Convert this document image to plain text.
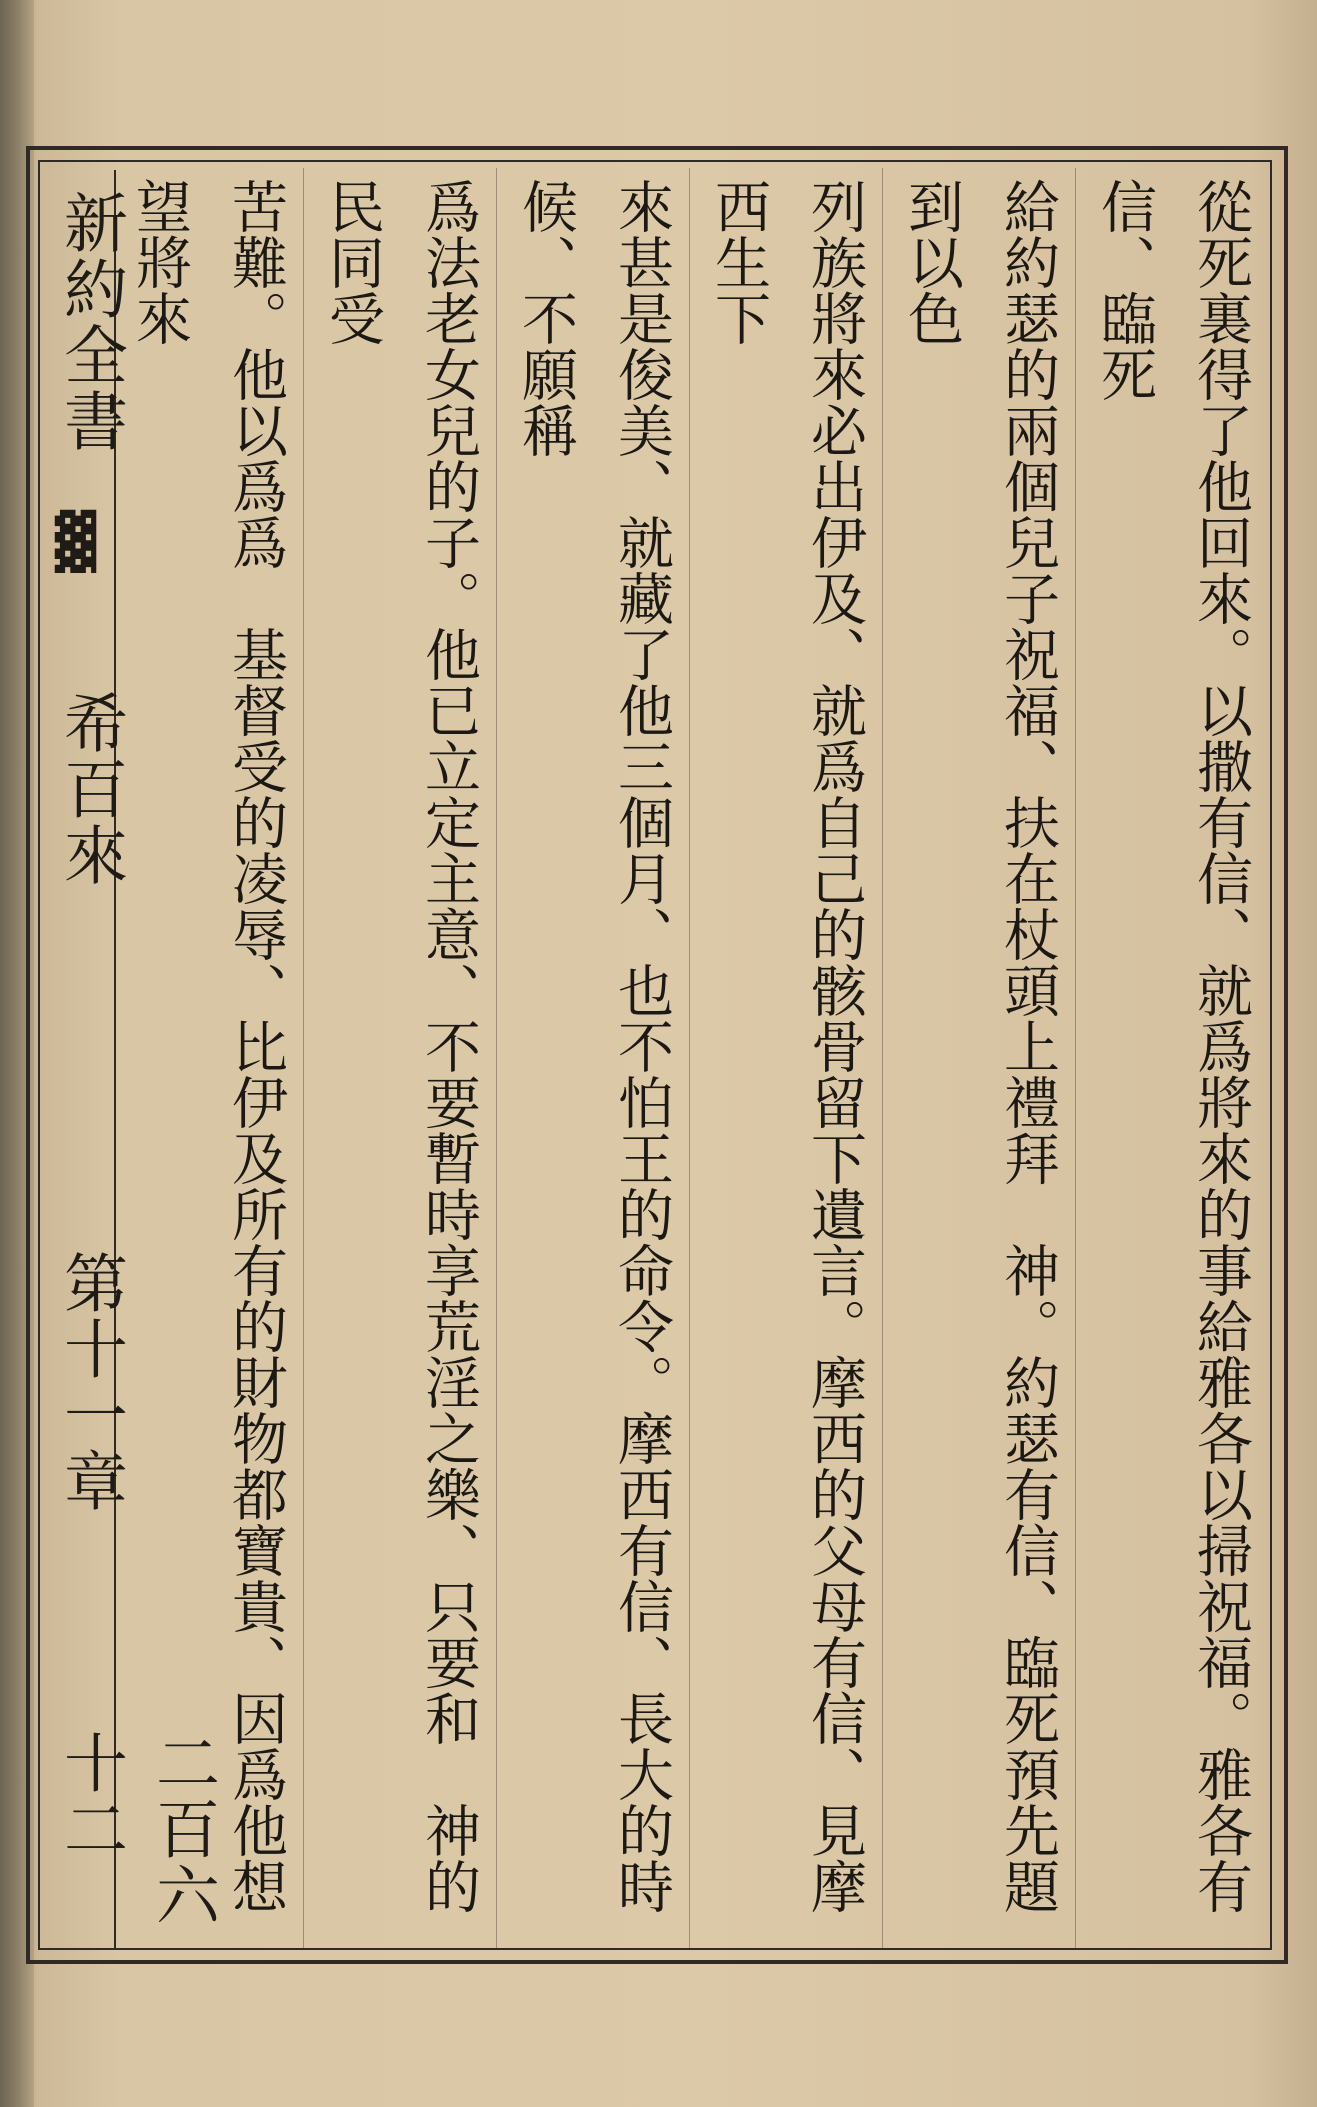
新約全書
▓
希百來
第十一章
二百六十二	從死裏得了他回來。以撒有信、就爲將來的事給雅各以掃祝福。雅各有信、臨死
給約瑟的兩個兒子祝福、扶在杖頭上禮拜　神。約瑟有信、臨死預先題到以色
列族將來必出伊及、就爲自己的骸骨留下遺言。摩西的父母有信、見摩西生下
來甚是俊美、就藏了他三個月、也不怕王的命令。摩西有信、長大的時候、不願稱
爲法老女兒的子。他已立定主意、不要暫時享荒淫之樂、只要和　神的民同受
苦難。他以爲爲　基督受的凌辱、比伊及所有的財物都寶貴、因爲他想望將來
